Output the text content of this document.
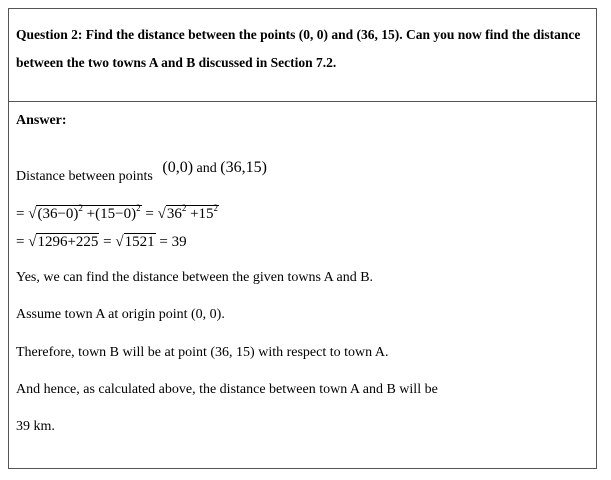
Question 2: Find the distance between the points (0, 0) and (36, 15). Can you now find the distance between the two towns A and B discussed in Section 7.2.
Answer:
Distance between points (0,0) and (36,15)
= $√(36-0)^2 +(15-0)^2 = √36^2 +15^2$
= √1296+225 = √1521 = 39
Yes, we can find the distance between the given towns A and B.
Assume town A at origin point (0, 0).
Therefore, town B will be at point (36, 15) with respect to town A.
And hence, as calculated above, the distance between town A and B will be
39 km.
